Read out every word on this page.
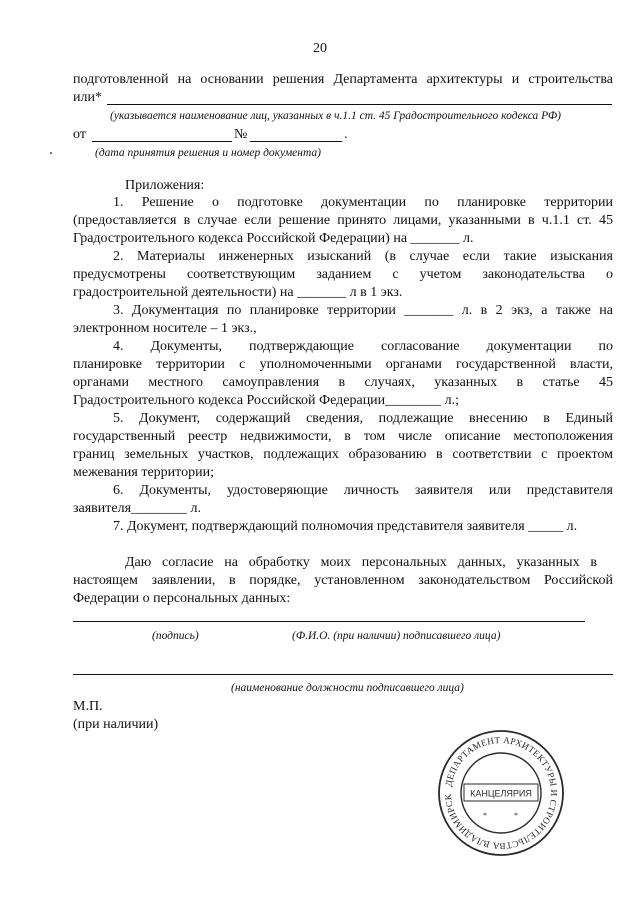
20
подготовленной на основании решения Департамента архитектуры и строительства
или*
(указывается наименование лиц, указанных в ч.1.1 ст. 45 Градостроительного кодекса РФ)
от	№	.
(дата принятия решения и номер документа)
Приложения:
1. Решение о подготовке документации по планировке территории
(предоставляется в случае если решение принято лицами, указанными в ч.1.1 ст. 45
Градостроительного кодекса Российской Федерации) на _______ л.
2. Материалы инженерных изысканий (в случае если такие изыскания
предусмотрены соответствующим заданием с учетом законодательства о
градостроительной деятельности) на _______ л в 1 экз.
3. Документация по планировке территории _______ л. в 2 экз, а также на
электронном носителе – 1 экз.,
4. Документы, подтверждающие согласование документации по
планировке территории с уполномоченными органами государственной власти,
органами местного самоуправления в случаях, указанных в статье 45
Градостроительного кодекса Российской Федерации________ л.;
5. Документ, содержащий сведения, подлежащие внесению в Единый
государственный реестр недвижимости, в том числе описание местоположения
границ земельных участков, подлежащих образованию в соответствии с проектом
межевания территории;
6. Документы, удостоверяющие личность заявителя или представителя
заявителя________ л.
7. Документ, подтверждающий полномочия представителя заявителя _____ л.
Даю согласие на обработку моих персональных данных, указанных в
настоящем заявлении, в порядке, установленном законодательством Российской
Федерации о персональных данных:
(подпись)	(Ф.И.О. (при наличии) подписавшего лица)
(наименование должности подписавшего лица)
М.П.
(при наличии)
ДЕПАРТАМЕНТ АРХИТЕКТУРЫ И СТРОИТЕЛЬСТВА ВЛАДИМИРСК	КАНЦЕЛЯРИЯ
*	*
